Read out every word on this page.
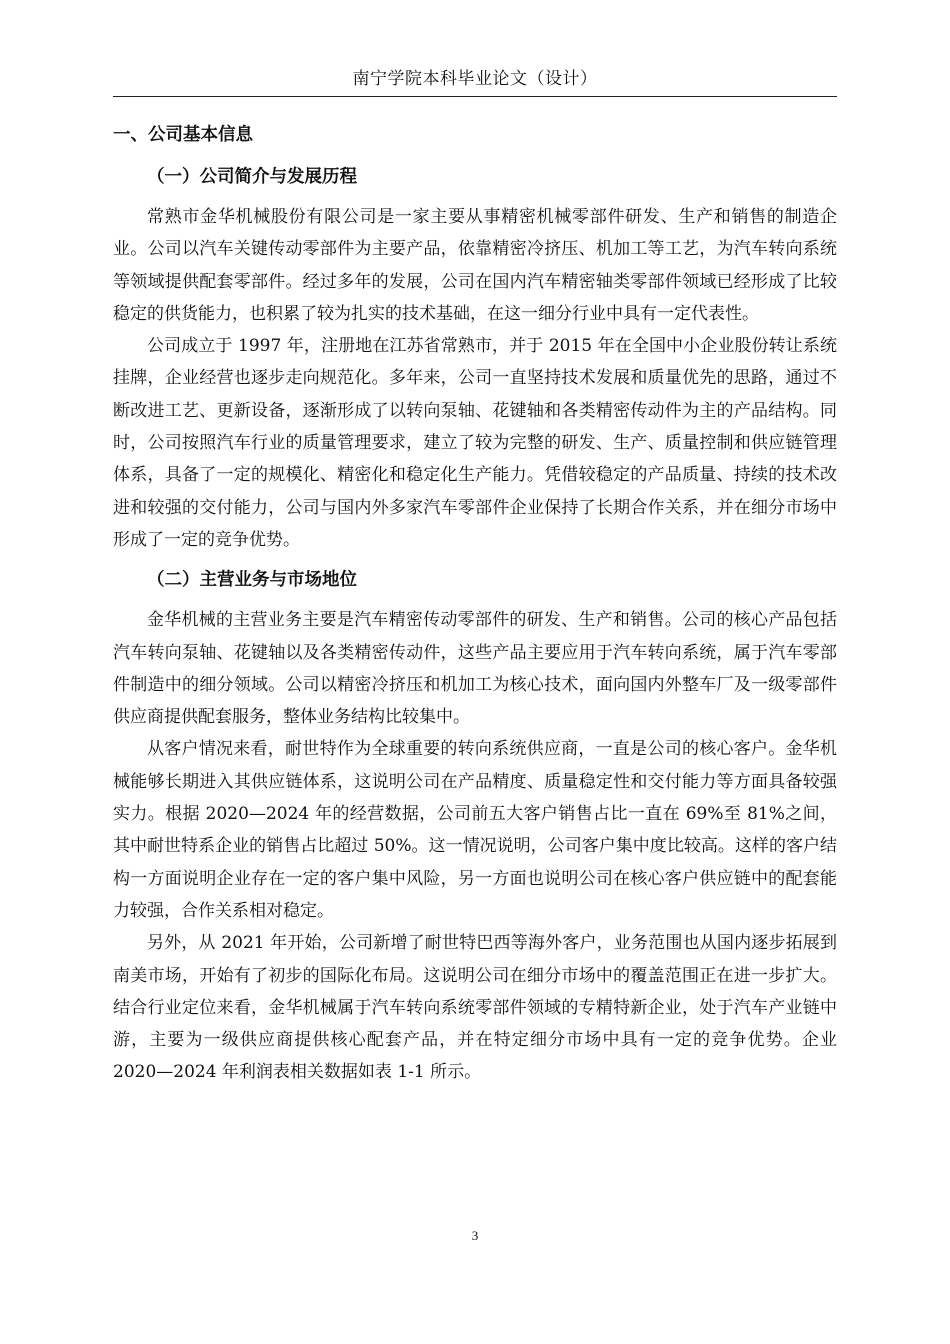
南宁学院本科毕业论文（设计）
一、公司基本信息
（一）公司简介与发展历程

常熟市金华机械股份有限公司是一家主要从事精密机械零部件研发、生产和销售的制造企业。公司以汽车关键传动零部件为主要产品，依靠精密冷挤压、机加工等工艺，为汽车转向系统等领域提供配套零部件。经过多年的发展，公司在国内汽车精密轴类零部件领域已经形成了比较稳定的供货能力，也积累了较为扎实的技术基础，在这一细分行业中具有一定代表性。

公司成立于 1997 年，注册地在江苏省常熟市，并于 2015 年在全国中小企业股份转让系统挂牌，企业经营也逐步走向规范化。多年来，公司一直坚持技术发展和质量优先的思路，通过不断改进工艺、更新设备，逐渐形成了以转向泵轴、花键轴和各类精密传动件为主的产品结构。同时，公司按照汽车行业的质量管理要求，建立了较为完整的研发、生产、质量控制和供应链管理体系，具备了一定的规模化、精密化和稳定化生产能力。凭借较稳定的产品质量、持续的技术改进和较强的交付能力，公司与国内外多家汽车零部件企业保持了长期合作关系，并在细分市场中形成了一定的竞争优势。

（二）主营业务与市场地位

金华机械的主营业务主要是汽车精密传动零部件的研发、生产和销售。公司的核心产品包括汽车转向泵轴、花键轴以及各类精密传动件，这些产品主要应用于汽车转向系统，属于汽车零部件制造中的细分领域。公司以精密冷挤压和机加工为核心技术，面向国内外整车厂及一级零部件供应商提供配套服务，整体业务结构比较集中。

从客户情况来看，耐世特作为全球重要的转向系统供应商，一直是公司的核心客户。金华机械能够长期进入其供应链体系，这说明公司在产品精度、质量稳定性和交付能力等方面具备较强实力。根据 2020—2024 年的经营数据，公司前五大客户销售占比一直在 69%至 81%之间，其中耐世特系企业的销售占比超过 50%。这一情况说明，公司客户集中度比较高。这样的客户结构一方面说明企业存在一定的客户集中风险，另一方面也说明公司在核心客户供应链中的配套能力较强，合作关系相对稳定。

另外，从 2021 年开始，公司新增了耐世特巴西等海外客户，业务范围也从国内逐步拓展到南美市场，开始有了初步的国际化布局。这说明公司在细分市场中的覆盖范围正在进一步扩大。结合行业定位来看，金华机械属于汽车转向系统零部件领域的专精特新企业，处于汽车产业链中游，主要为一级供应商提供核心配套产品，并在特定细分市场中具有一定的竞争优势。企业 2020—2024 年利润表相关数据如表 1-1 所示。

3
